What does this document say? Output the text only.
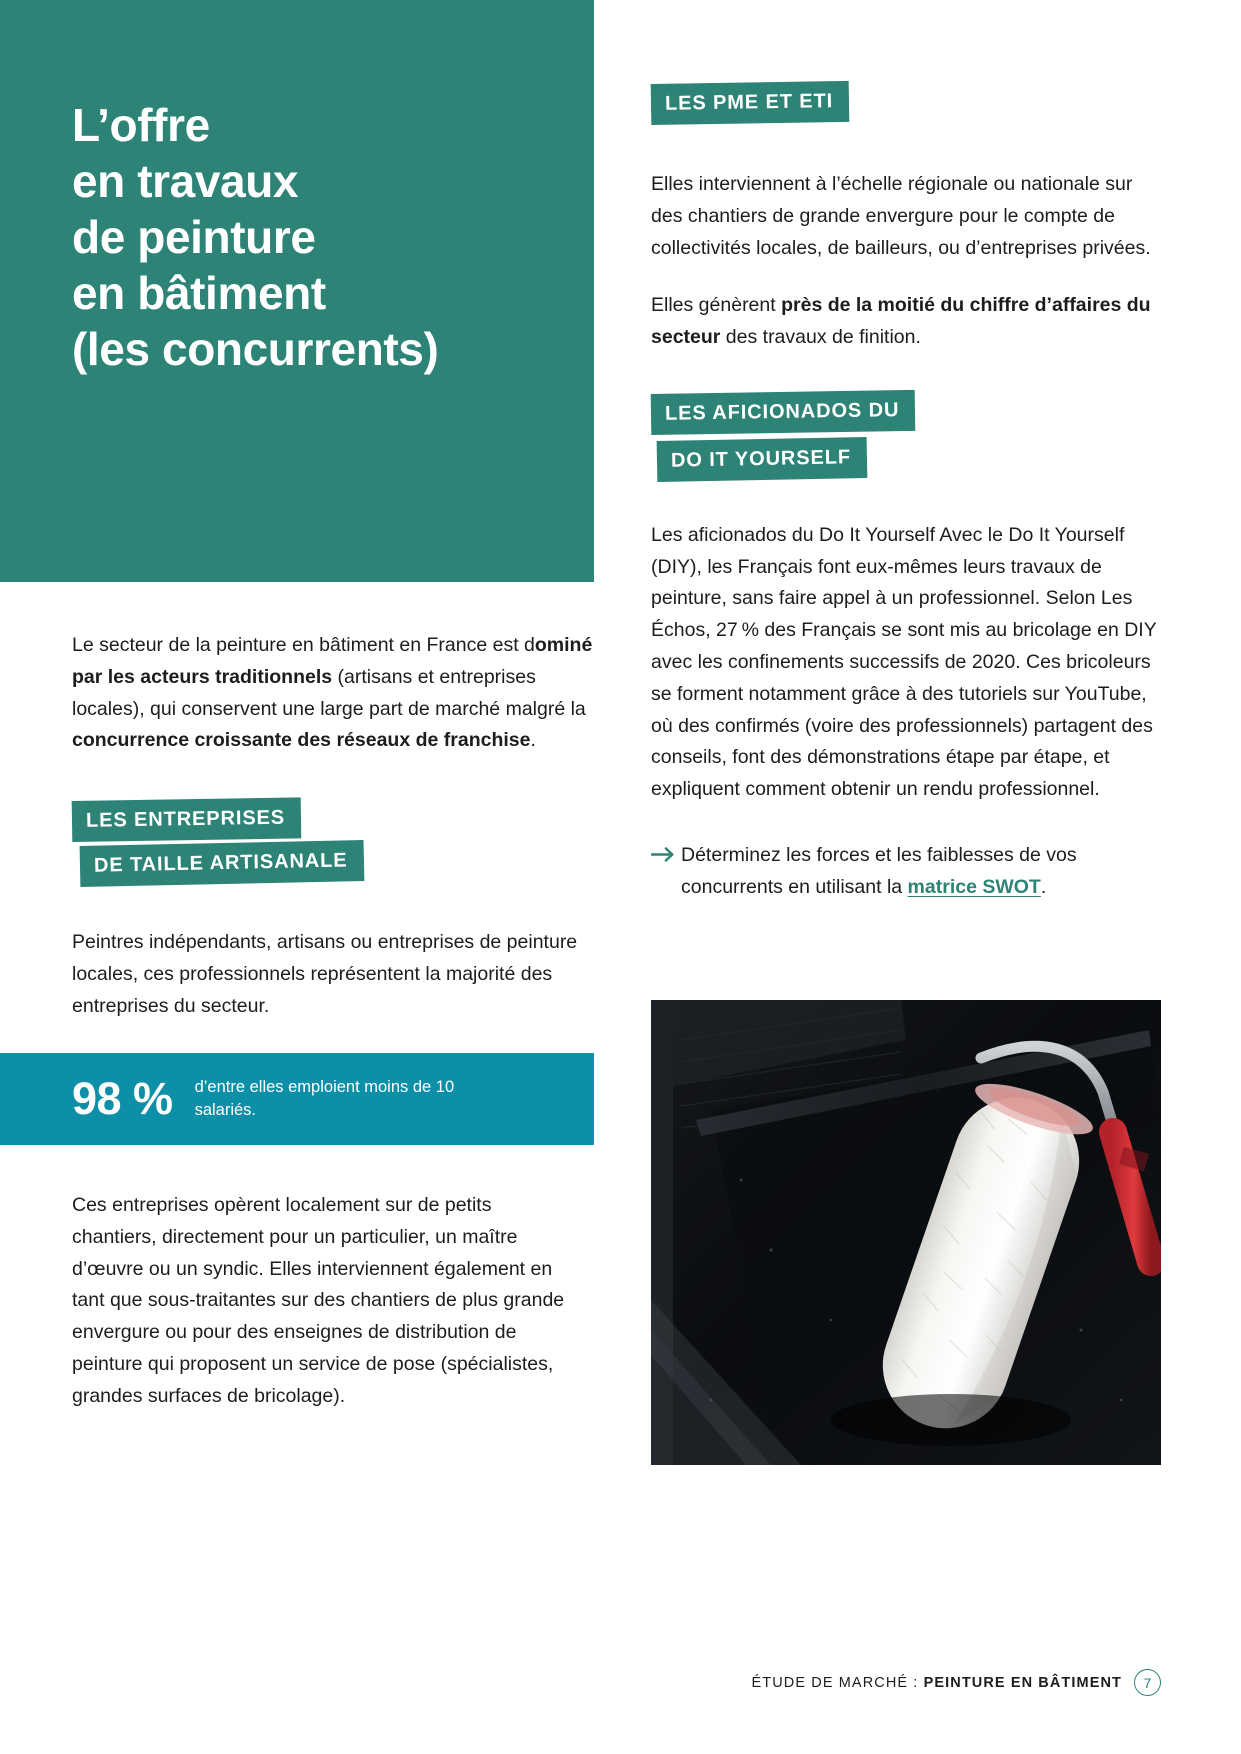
L’offre
en travaux
de peinture
en bâtiment
(les concurrents)

Le secteur de la peinture en bâtiment en France est dominé par les acteurs traditionnels (artisans et entreprises locales), qui conservent une large part de marché malgré la concurrence croissante des réseaux de franchise.

LES ENTREPRISES
DE TAILLE ARTISANALE

Peintres indépendants, artisans ou entreprises de peinture locales, ces professionnels représentent la majorité des entreprises du secteur.

98 % d’entre elles emploient moins de 10 salariés.

Ces entreprises opèrent localement sur de petits chantiers, directement pour un particulier, un maître d’œuvre ou un syndic. Elles interviennent également en tant que sous-traitantes sur des chantiers de plus grande envergure ou pour des enseignes de distribution de peinture qui proposent un service de pose (spécialistes, grandes surfaces de bricolage).

LES PME ET ETI

Elles interviennent à l’échelle régionale ou nationale sur des chantiers de grande envergure pour le compte de collectivités locales, de bailleurs, ou d’entreprises privées.

Elles génèrent près de la moitié du chiffre d’affaires du secteur des travaux de finition.

LES AFICIONADOS DU
DO IT YOURSELF

Les aficionados du Do It Yourself Avec le Do It Yourself (DIY), les Français font eux-mêmes leurs travaux de peinture, sans faire appel à un professionnel. Selon Les Échos, 27 % des Français se sont mis au bricolage en DIY avec les confinements successifs de 2020. Ces bricoleurs se forment notamment grâce à des tutoriels sur YouTube, où des confirmés (voire des professionnels) partagent des conseils, font des démonstrations étape par étape, et expliquent comment obtenir un rendu professionnel.

Déterminez les forces et les faiblesses de vos concurrents en utilisant la matrice SWOT.
ÉTUDE DE MARCHÉ : PEINTURE EN BÂTIMENT	7
